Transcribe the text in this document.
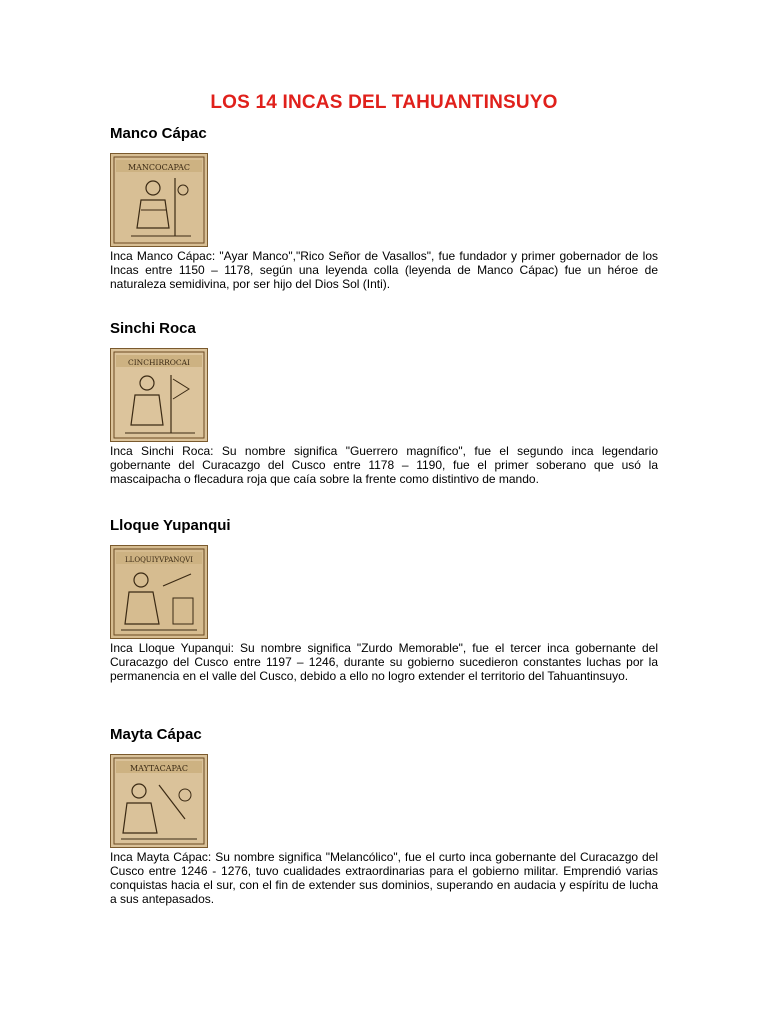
LOS 14 INCAS DEL TAHUANTINSUYO
Manco Cápac
MANCOCAPAC

Inca Manco Cápac: "Ayar Manco","Rico Señor de Vasallos", fue fundador y primer gobernador de los Incas entre 1150 – 1178, según una leyenda colla (leyenda de Manco Cápac) fue un héroe de naturaleza semidivina, por ser hijo del Dios Sol (Inti).

Sinchi Roca
CINCHIRROCAI

Inca Sinchi Roca: Su nombre significa "Guerrero magnífico", fue el segundo inca legendario gobernante del Curacazgo del Cusco entre 1178 – 1190, fue el primer soberano que usó la mascaipacha o flecadura roja que caía sobre la frente como distintivo de mando.

Lloque Yupanqui
LLOQUIYVPANQVI

Inca Lloque Yupanqui: Su nombre significa "Zurdo Memorable", fue el tercer inca gobernante del Curacazgo del Cusco entre 1197 – 1246, durante su gobierno sucedieron constantes luchas por la permanencia en el valle del Cusco, debido a ello no logro extender el territorio del Tahuantinsuyo.

Mayta Cápac
MAYTACAPAC

Inca Mayta Cápac: Su nombre significa "Melancólico", fue el curto inca gobernante del Curacazgo del Cusco entre 1246 - 1276, tuvo cualidades extraordinarias para el gobierno militar. Emprendió varias conquistas hacia el sur, con el fin de extender sus dominios, superando en audacia y espíritu de lucha a sus antepasados.
